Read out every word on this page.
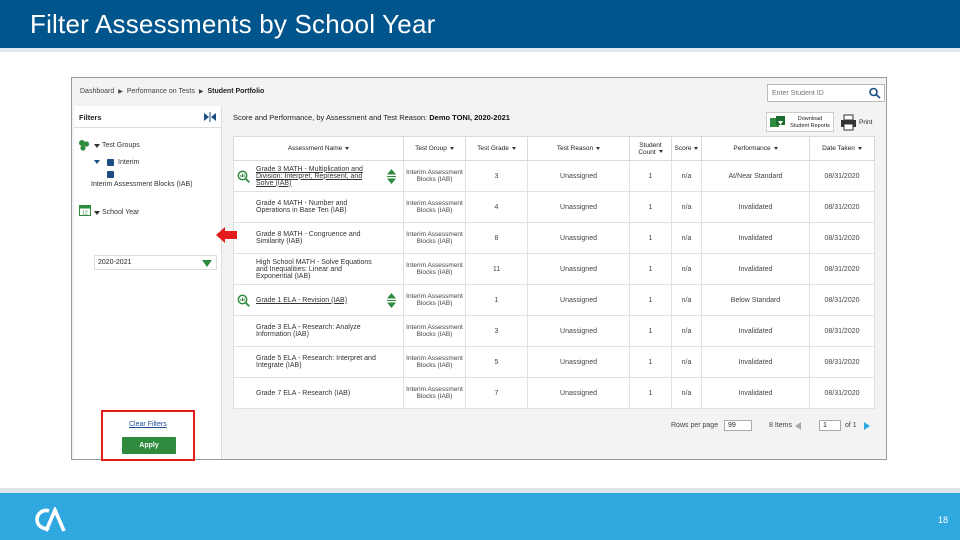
Filter Assessments by School Year
Dashboard ▶ Performance on Tests ▶ Student Portfolio
Enter Student ID
Filters
Test Groups
Interim
Interim Assessment Blocks (IAB)
12 School Year
2020-2021
Clear Filters
Apply
Score and Performance, by Assessment and Test Reason: Demo TONI, 2020-2021	Download Student Reports	Print
Assessment Name	Test Group	Test Grade	Test Reason	Student Count	Score	Performance	Date Taken

Grade 3 MATH - Multiplication and Division: Interpret, Represent, and Solve (IAB)	Interim Assessment Blocks (IAB)	3	Unassigned	1	n/a	At/Near Standard	08/31/2020

Grade 4 MATH - Number and Operations in Base Ten (IAB)	Interim Assessment Blocks (IAB)	4	Unassigned	1	n/a	Invalidated	08/31/2020

Grade 8 MATH - Congruence and Similarity (IAB)	Interim Assessment Blocks (IAB)	8	Unassigned	1	n/a	Invalidated	08/31/2020

High School MATH - Solve Equations and Inequalities: Linear and Exponential (IAB)	Interim Assessment Blocks (IAB)	11	Unassigned	1	n/a	Invalidated	08/31/2020

Grade 1 ELA - Revision (IAB)	Interim Assessment Blocks (IAB)	1	Unassigned	1	n/a	Below Standard	08/31/2020

Grade 3 ELA - Research: Analyze Information (IAB)	Interim Assessment Blocks (IAB)	3	Unassigned	1	n/a	Invalidated	08/31/2020

Grade 5 ELA - Research: Interpret and Integrate (IAB)	Interim Assessment Blocks (IAB)	5	Unassigned	1	n/a	Invalidated	08/31/2020

Grade 7 ELA - Research (IAB)	Interim Assessment Blocks (IAB)	7	Unassigned	1	n/a	Invalidated	08/31/2020
Rows per page	99	8 Items	1	of 1
18
